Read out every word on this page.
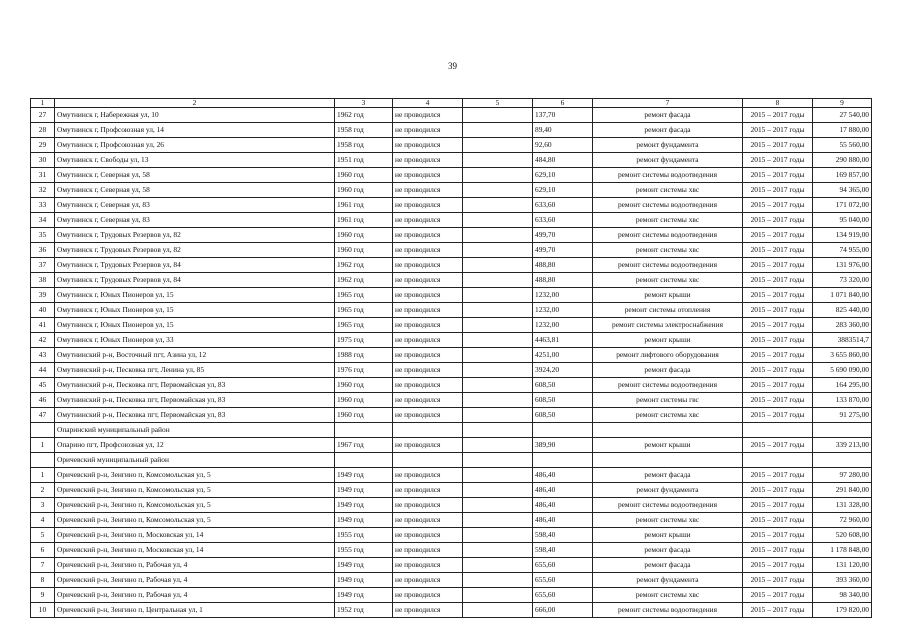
39
1	2	3	4	5	6	7	8	9
27	Омутнинск г, Набережная ул, 10	1962 год	не проводился		137,70	ремонт фасада	2015 – 2017 годы	27 540,00
28	Омутнинск г, Профсоюзная ул, 14	1958 год	не проводился		89,40	ремонт фасада	2015 – 2017 годы	17 880,00
29	Омутнинск г, Профсоюзная ул, 26	1958 год	не проводился		92,60	ремонт фундамента	2015 – 2017 годы	55 560,00
30	Омутнинск г, Свободы ул, 13	1951 год	не проводился		484,80	ремонт фундамента	2015 – 2017 годы	290 880,00
31	Омутнинск г, Северная ул, 58	1960 год	не проводился		629,10	ремонт системы водоотведения	2015 – 2017 годы	169 857,00
32	Омутнинск г, Северная ул, 58	1960 год	не проводился		629,10	ремонт системы хвс	2015 – 2017 годы	94 365,00
33	Омутнинск г, Северная ул, 83	1961 год	не проводился		633,60	ремонт системы водоотведения	2015 – 2017 годы	171 072,00
34	Омутнинск г, Северная ул, 83	1961 год	не проводился		633,60	ремонт системы хвс	2015 – 2017 годы	95 040,00
35	Омутнинск г, Трудовых Резервов ул, 82	1960 год	не проводился		499,70	ремонт системы водоотведения	2015 – 2017 годы	134 919,00
36	Омутнинск г, Трудовых Резервов ул, 82	1960 год	не проводился		499,70	ремонт системы хвс	2015 – 2017 годы	74 955,00
37	Омутнинск г, Трудовых Резервов ул, 84	1962 год	не проводился		488,80	ремонт системы водоотведения	2015 – 2017 годы	131 976,00
38	Омутнинск г, Трудовых Резервов ул, 84	1962 год	не проводился		488,80	ремонт системы хвс	2015 – 2017 годы	73 320,00
39	Омутнинск г, Юных Пионеров ул, 15	1965 год	не проводился		1232,00	ремонт крыши	2015 – 2017 годы	1 071 840,00
40	Омутнинск г, Юных Пионеров ул, 15	1965 год	не проводился		1232,00	ремонт системы отопления	2015 – 2017 годы	825 440,00
41	Омутнинск г, Юных Пионеров ул, 15	1965 год	не проводился		1232,00	ремонт системы электроснабжения	2015 – 2017 годы	283 360,00
42	Омутнинск г, Юных Пионеров ул, 33	1975 год	не проводился		4463,81	ремонт крыши	2015 – 2017 годы	3883514,7
43	Омутнинский р-н, Восточный пгт, Азина ул, 12	1988 год	не проводился		4251,00	ремонт лифтового оборудования	2015 – 2017 годы	3 655 860,00
44	Омутнинский р-н, Песковка пгт, Ленина ул, 85	1976 год	не проводился		3924,20	ремонт фасада	2015 – 2017 годы	5 690 090,00
45	Омутнинский р-н, Песковка пгт, Первомайская ул, 83	1960 год	не проводился		608,50	ремонт системы водоотведения	2015 – 2017 годы	164 295,00
46	Омутнинский р-н, Песковка пгт, Первомайская ул, 83	1960 год	не проводился		608,50	ремонт системы гвс	2015 – 2017 годы	133 870,00
47	Омутнинский р-н, Песковка пгт, Первомайская ул, 83	1960 год	не проводился		608,50	ремонт системы хвс	2015 – 2017 годы	91 275,00
	Опаринский муниципальный район							
1	Опарино пгт, Профсоюзная ул, 12	1967 год	не проводился		389,90	ремонт крыши	2015 – 2017 годы	339 213,00
	Оричевский муниципальный район							
1	Оричевский р-н, Зенгино п, Комсомольская ул, 5	1949 год	не проводился		486,40	ремонт фасада	2015 – 2017 годы	97 280,00
2	Оричевский р-н, Зенгино п, Комсомольская ул, 5	1949 год	не проводился		486,40	ремонт фундамента	2015 – 2017 годы	291 840,00
3	Оричевский р-н, Зенгино п, Комсомольская ул, 5	1949 год	не проводился		486,40	ремонт системы водоотведения	2015 – 2017 годы	131 328,00
4	Оричевский р-н, Зенгино п, Комсомольская ул, 5	1949 год	не проводился		486,40	ремонт системы хвс	2015 – 2017 годы	72 960,00
5	Оричевский р-н, Зенгино п, Московская ул, 14	1955 год	не проводился		598,40	ремонт крыши	2015 – 2017 годы	520 608,00
6	Оричевский р-н, Зенгино п, Московская ул, 14	1955 год	не проводился		598,40	ремонт фасада	2015 – 2017 годы	1 178 848,00
7	Оричевский р-н, Зенгино п, Рабочая ул, 4	1949 год	не проводился		655,60	ремонт фасада	2015 – 2017 годы	131 120,00
8	Оричевский р-н, Зенгино п, Рабочая ул, 4	1949 год	не проводился		655,60	ремонт фундамента	2015 – 2017 годы	393 360,00
9	Оричевский р-н, Зенгино п, Рабочая ул, 4	1949 год	не проводился		655,60	ремонт системы хвс	2015 – 2017 годы	98 340,00
10	Оричевский р-н, Зенгино п, Центральная ул, 1	1952 год	не проводился		666,00	ремонт системы водоотведения	2015 – 2017 годы	179 820,00
